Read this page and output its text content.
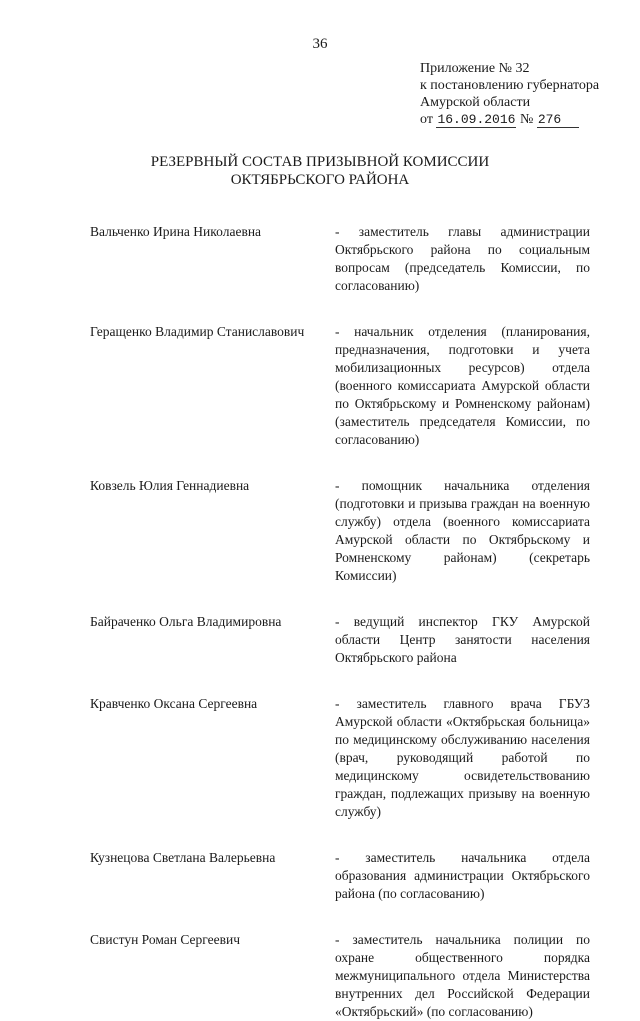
36
Приложение № 32
к постановлению губернатора
Амурской области
от 16.09.2016 № 276
РЕЗЕРВНЫЙ СОСТАВ ПРИЗЫВНОЙ КОМИССИИ
ОКТЯБРЬСКОГО РАЙОНА
Вальченко Ирина Николаевна	- заместитель главы администрации Октябрьского района по социальным вопросам (председатель Комиссии, по согласованию)
Геращенко Владимир Станиславович	- начальник отделения (планирования, предназначения, подготовки и учета мобилизационных ресурсов) отдела (военного комиссариата Амурской области по Октябрьскому и Ромненскому районам) (заместитель председателя Комиссии, по согласованию)
Ковзель Юлия Геннадиевна	- помощник начальника отделения (подготовки и призыва граждан на военную службу) отдела (военного комиссариата Амурской области по Октябрьскому и Ромненскому районам) (секретарь Комиссии)
Байраченко Ольга Владимировна	- ведущий инспектор ГКУ Амурской области Центр занятости населения Октябрьского района
Кравченко Оксана Сергеевна	- заместитель главного врача ГБУЗ Амурской области «Октябрьская больница» по медицинскому обслуживанию населения (врач, руководящий работой по медицинскому освидетельствованию граждан, подлежащих призыву на военную службу)
Кузнецова Светлана Валерьевна	- заместитель начальника отдела образования администрации Октябрьского района (по согласованию)
Свистун Роман Сергеевич	- заместитель начальника полиции по охране общественного порядка межмуниципального отдела Министерства внутренних дел Российской Федерации «Октябрьский» (по согласованию)
